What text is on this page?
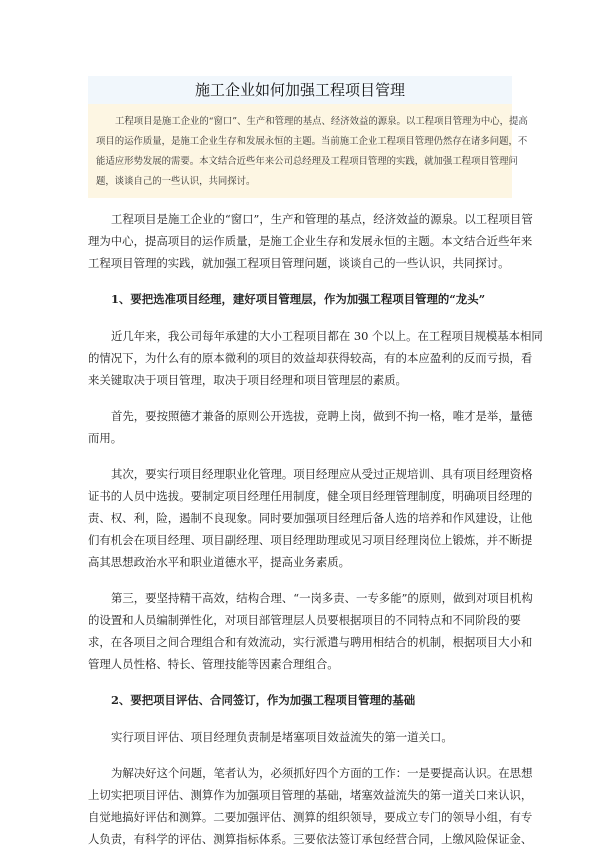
施工企业如何加强工程项目管理
工程项目是施工企业的“窗口”、生产和管理的基点、经济效益的源泉。以工程项目管理为中心，提高
项目的运作质量，是施工企业生存和发展永恒的主题。当前施工企业工程项目管理仍然存在诸多问题，不
能适应形势发展的需要。本文结合近些年来公司总经理及工程项目管理的实践，就加强工程项目管理问
题，谈谈自己的一些认识，共同探讨。
工程项目是施工企业的“窗口”，生产和管理的基点，经济效益的源泉。以工程项目管
理为中心，提高项目的运作质量，是施工企业生存和发展永恒的主题。本文结合近些年来
工程项目管理的实践，就加强工程项目管理问题，谈谈自己的一些认识，共同探讨。
1、要把选准项目经理，建好项目管理层，作为加强工程项目管理的“龙头”
近几年来，我公司每年承建的大小工程项目都在 30 个以上。在工程项目规模基本相同
的情况下，为什么有的原本微利的项目的效益却获得较高，有的本应盈利的反而亏损，看
来关键取决于项目管理，取决于项目经理和项目管理层的素质。
首先，要按照德才兼备的原则公开选拔，竞聘上岗，做到不拘一格，唯才是举，量德
而用。
其次，要实行项目经理职业化管理。项目经理应从受过正规培训、具有项目经理资格
证书的人员中选拔。要制定项目经理任用制度，健全项目经理管理制度，明确项目经理的
责、权、利，险，遏制不良现象。同时要加强项目经理后备人选的培养和作风建设，让他
们有机会在项目经理、项目副经理、项目经理助理或见习项目经理岗位上锻炼，并不断提
高其思想政治水平和职业道德水平，提高业务素质。
第三，要坚持精干高效，结构合理、“一岗多责、一专多能”的原则，做到对项目机构
的设置和人员编制弹性化，对项目部管理层人员要根据项目的不同特点和不同阶段的要
求，在各项目之间合理组合和有效流动，实行派遣与聘用相结合的机制，根据项目大小和
管理人员性格、特长、管理技能等因素合理组合。
2、要把项目评估、合同签订，作为加强工程项目管理的基础
实行项目评估、项目经理负责制是堵塞项目效益流失的第一道关口。
为解决好这个问题，笔者认为，必须抓好四个方面的工作：一是要提高认识。在思想
上切实把项目评估、测算作为加强项目管理的基础，堵塞效益流失的第一道关口来认识，
自觉地搞好评估和测算。二要加强评估、测算的组织领导，要成立专门的领导小组，有专
人负责，有科学的评估、测算指标体系。三要依法签订承包经营合同，上缴风险保证金、
